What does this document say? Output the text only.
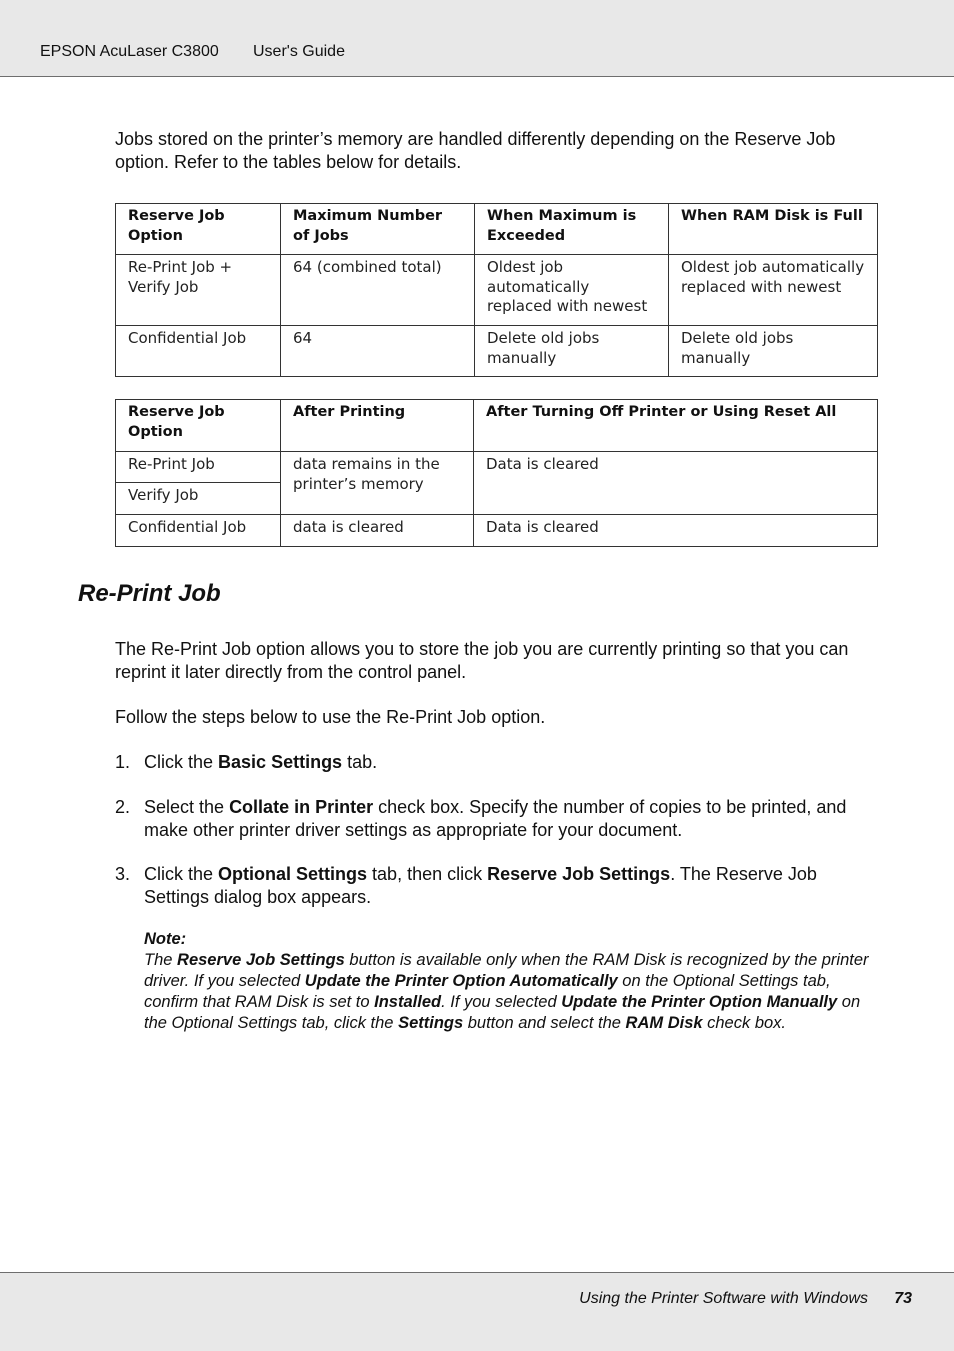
EPSON AcuLaser C3800 User's Guide
Jobs stored on the printer’s memory are handled differently depending on the Reserve Job option. Refer to the tables below for details.
Reserve Job Option	Maximum Number of Jobs	When Maximum is Exceeded	When RAM Disk is Full
Re-Print Job + Verify Job	64 (combined total)	Oldest job automatically replaced with newest	Oldest job automatically replaced with newest
Confidential Job	64	Delete old jobs manually	Delete old jobs manually
Reserve Job Option	After Printing	After Turning Off Printer or Using Reset All
Re-Print Job	data remains in the printer’s memory	Data is cleared
Verify Job		
Confidential Job	data is cleared	Data is cleared
Re-Print Job
The Re-Print Job option allows you to store the job you are currently printing so that you can reprint it later directly from the control panel.
Follow the steps below to use the Re-Print Job option.
1. Click the Basic Settings tab.
2. Select the Collate in Printer check box. Specify the number of copies to be printed, and make other printer driver settings as appropriate for your document.
3. Click the Optional Settings tab, then click Reserve Job Settings. The Reserve Job Settings dialog box appears.
Note:
The Reserve Job Settings button is available only when the RAM Disk is recognized by the printer driver. If you selected Update the Printer Option Automatically on the Optional Settings tab, confirm that RAM Disk is set to Installed. If you selected Update the Printer Option Manually on the Optional Settings tab, click the Settings button and select the RAM Disk check box.
Using the Printer Software with Windows 73
